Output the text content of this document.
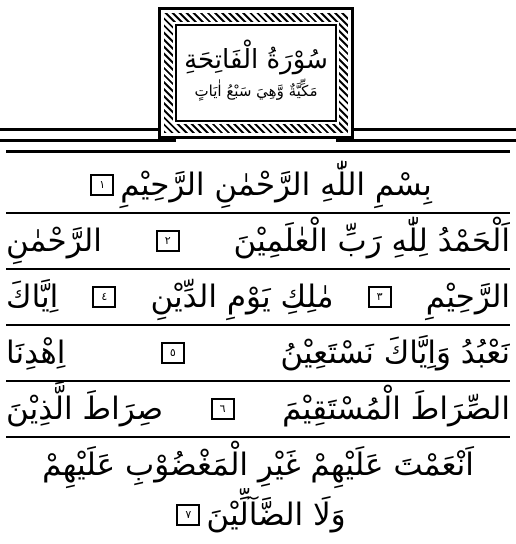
سُوْرَةُ الْفَاتِحَةِ
مَكِّيَّةٌ وَّهِيَ سَبْعُ اٰيَاتٍ
بِسْمِ اللّٰهِ الرَّحْمٰنِ الرَّحِيْمِ
١
اَلْحَمْدُ لِلّٰهِ رَبِّ الْعٰلَمِيْنَ
٢
الرَّحْمٰنِ
الرَّحِيْمِ
٣
مٰلِكِ يَوْمِ الدِّيْنِ
٤
اِيَّاكَ
نَعْبُدُ وَاِيَّاكَ نَسْتَعِيْنُ
٥
اِهْدِنَا
الصِّرَاطَ الْمُسْتَقِيْمَ
٦
صِرَاطَ الَّذِيْنَ
اَنْعَمْتَ عَلَيْهِمْ غَيْرِ الْمَغْضُوْبِ عَلَيْهِمْ
وَلَا الضَّآلِّيْنَ
٧
